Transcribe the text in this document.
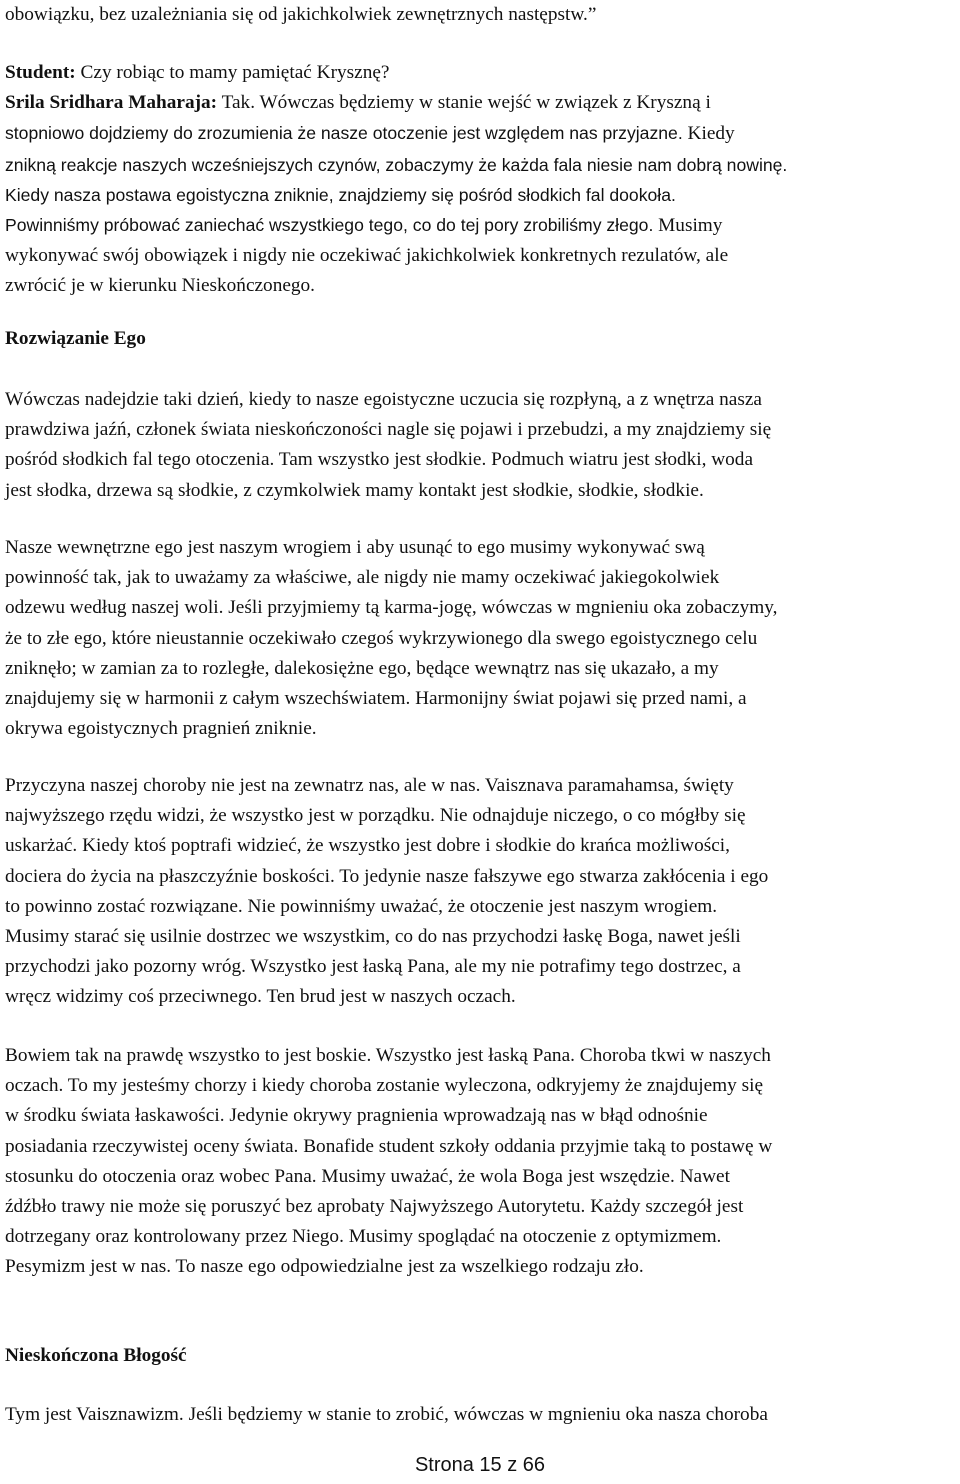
obowiązku, bez uzależniania się od jakichkolwiek zewnętrznych następstw.”

Student: Czy robiąc to mamy pamiętać Krysznę?
Srila Sridhara Maharaja: Tak. Wówczas będziemy w stanie wejść w związek z Kryszną i
stopniowo dojdziemy do zrozumienia że nasze otoczenie jest względem nas przyjazne. Kiedy
znikną reakcje naszych wcześniejszych czynów, zobaczymy że każda fala niesie nam dobrą nowinę.
Kiedy nasza postawa egoistyczna zniknie, znajdziemy się pośród słodkich fal dookoła.
Powinniśmy próbować zaniechać wszystkiego tego, co do tej pory zrobiliśmy złego. Musimy
wykonywać swój obowiązek i nigdy nie oczekiwać jakichkolwiek konkretnych rezulatów, ale
zwrócić je w kierunku Nieskończonego.
Rozwiązanie Ego
Wówczas nadejdzie taki dzień, kiedy to nasze egoistyczne uczucia się rozpłyną, a z wnętrza nasza
prawdziwa jaźń, członek świata nieskończoności nagle się pojawi i przebudzi, a my znajdziemy się
pośród słodkich fal tego otoczenia. Tam wszystko jest słodkie. Podmuch wiatru jest słodki, woda
jest słodka, drzewa są słodkie, z czymkolwiek mamy kontakt jest słodkie, słodkie, słodkie.
Nasze wewnętrzne ego jest naszym wrogiem i aby usunąć to ego musimy wykonywać swą
powinność tak, jak to uważamy za właściwe, ale nigdy nie mamy oczekiwać jakiegokolwiek
odzewu według naszej woli. Jeśli przyjmiemy tą karma-jogę, wówczas w mgnieniu oka zobaczymy,
że to złe ego, które nieustannie oczekiwało czegoś wykrzywionego dla swego egoistycznego celu
zniknęło; w zamian za to rozległe, dalekosiężne ego, będące wewnątrz nas się ukazało, a my
znajdujemy się w harmonii z całym wszechświatem. Harmonijny świat pojawi się przed nami, a
okrywa egoistycznych pragnień zniknie.
Przyczyna naszej choroby nie jest na zewnatrz nas, ale w nas. Vaisznava paramahamsa, święty
najwyższego rzędu widzi, że wszystko jest w porządku. Nie odnajduje niczego, o co mógłby się
uskarżać. Kiedy ktoś poptrafi widzieć, że wszystko jest dobre i słodkie do krańca możliwości,
dociera do życia na płaszczyźnie boskości. To jedynie nasze fałszywe ego stwarza zakłócenia i ego
to powinno zostać rozwiązane. Nie powinniśmy uważać, że otoczenie jest naszym wrogiem.
Musimy starać się usilnie dostrzec we wszystkim, co do nas przychodzi łaskę Boga, nawet jeśli
przychodzi jako pozorny wróg. Wszystko jest łaską Pana, ale my nie potrafimy tego dostrzec, a
wręcz widzimy coś przeciwnego. Ten brud jest w naszych oczach.
Bowiem tak na prawdę wszystko to jest boskie. Wszystko jest łaską Pana. Choroba tkwi w naszych
oczach. To my jesteśmy chorzy i kiedy choroba zostanie wyleczona, odkryjemy że znajdujemy się
w środku świata łaskawości. Jedynie okrywy pragnienia wprowadzają nas w błąd odnośnie
posiadania rzeczywistej oceny świata. Bonafide student szkoły oddania przyjmie taką to postawę w
stosunku do otoczenia oraz wobec Pana. Musimy uważać, że wola Boga jest wszędzie. Nawet
źdźbło trawy nie może się poruszyć bez aprobaty Najwyższego Autorytetu. Każdy szczegół jest
dotrzegany oraz kontrolowany przez Niego. Musimy spoglądać na otoczenie z optymizmem.
Pesymizm jest w nas. To nasze ego odpowiedzialne jest za wszelkiego rodzaju zło.
Nieskończona Błogość
Tym jest Vaisznawizm. Jeśli będziemy w stanie to zrobić, wówczas w mgnieniu oka nasza choroba
Strona 15 z 66
